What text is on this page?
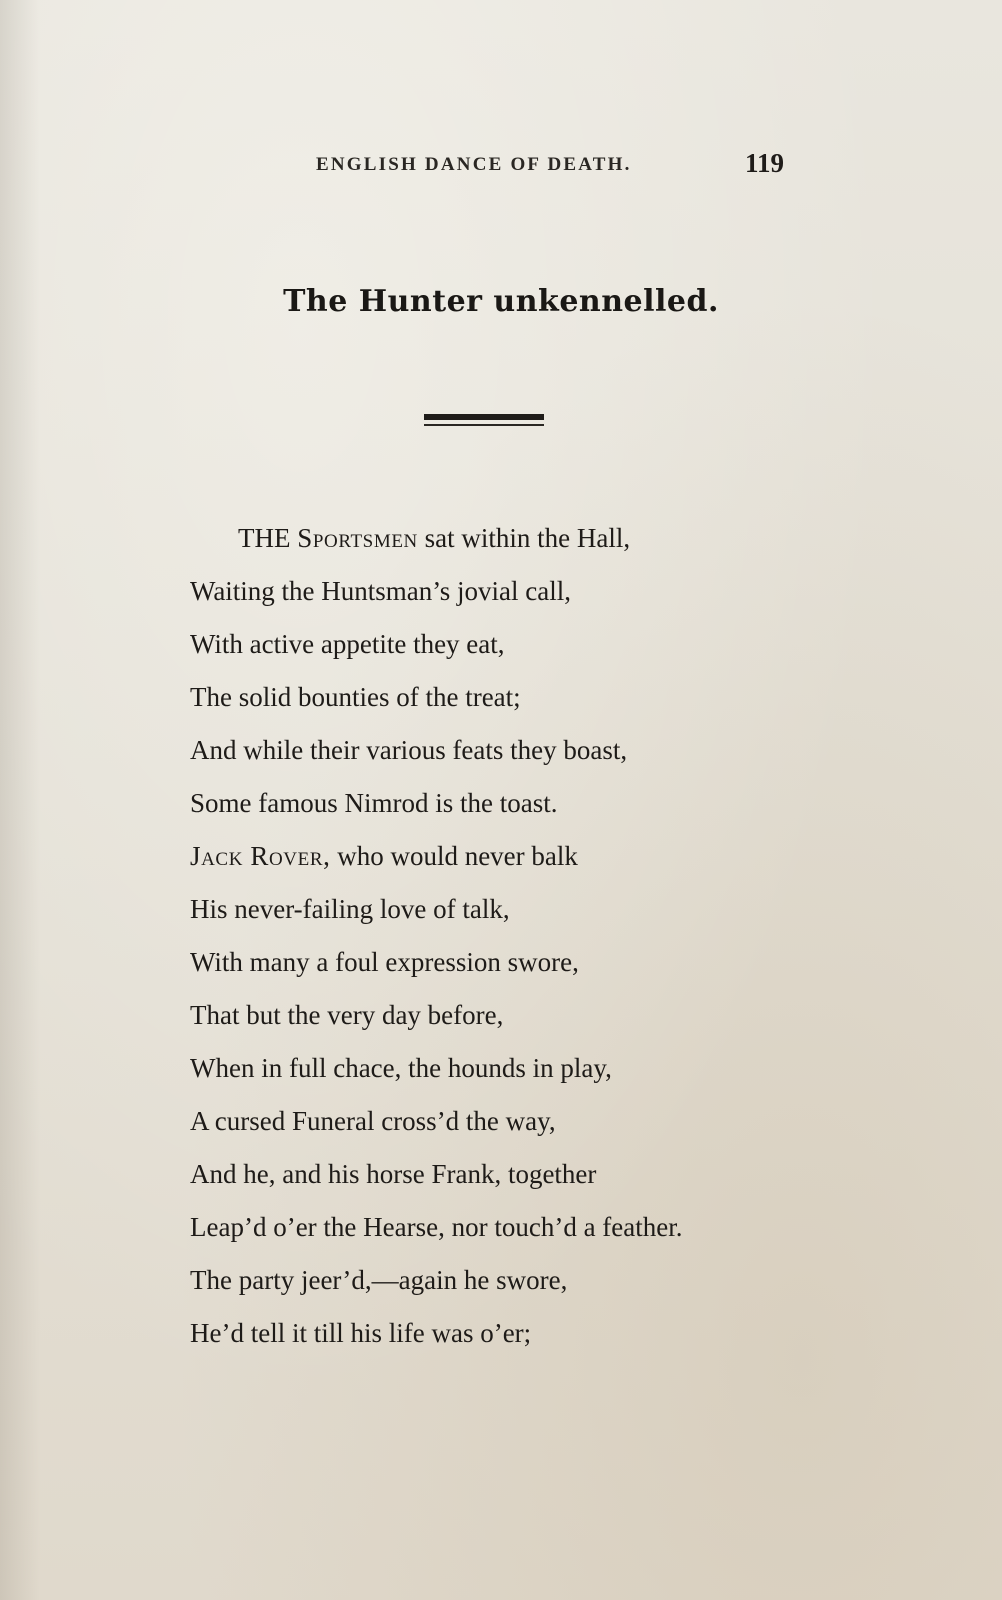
ENGLISH DANCE OF DEATH.	119
The Hunter unkennelled.
THE Sportsmen sat within the Hall,
Waiting the Huntsman’s jovial call,
With active appetite they eat,
The solid bounties of the treat;
And while their various feats they boast,
Some famous Nimrod is the toast.
Jack Rover, who would never balk
His never-failing love of talk,
With many a foul expression swore,
That but the very day before,
When in full chace, the hounds in play,
A cursed Funeral cross’d the way,
And he, and his horse Frank, together
Leap’d o’er the Hearse, nor touch’d a feather.
The party jeer’d,—again he swore,
He’d tell it till his life was o’er;
